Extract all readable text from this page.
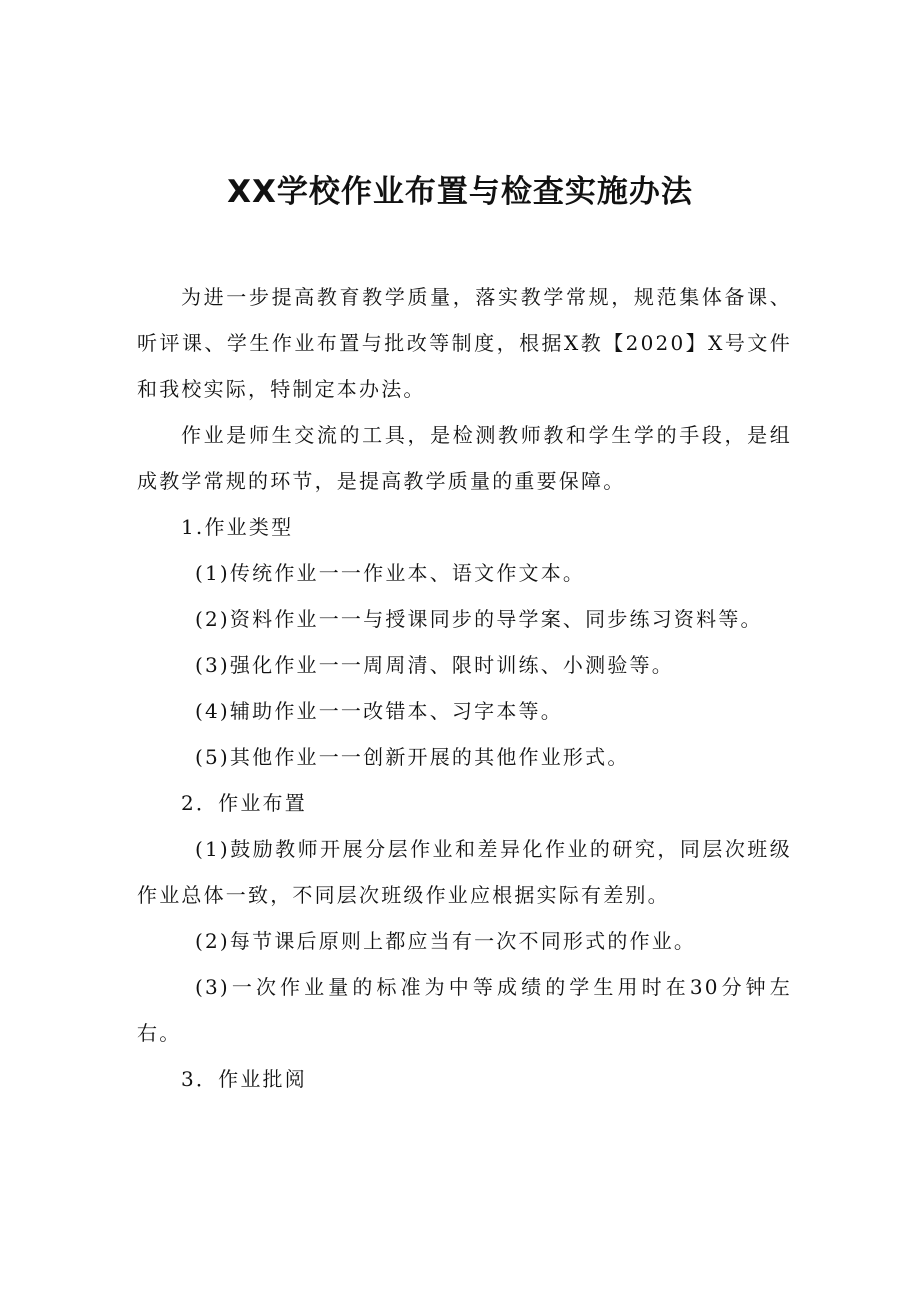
XX学校作业布置与检查实施办法

为进一步提高教育教学质量，落实教学常规，规范集体备课、听评课、学生作业布置与批改等制度，根据X教【2020】X号文件和我校实际，特制定本办法。

作业是师生交流的工具，是检测教师教和学生学的手段，是组成教学常规的环节，是提高教学质量的重要保障。

1.作业类型

(1)传统作业一一作业本、语文作文本。

(2)资料作业一一与授课同步的导学案、同步练习资料等。

(3)强化作业一一周周清、限时训练、小测验等。

(4)辅助作业一一改错本、习字本等。

(5)其他作业一一创新开展的其他作业形式。

2．作业布置

(1)鼓励教师开展分层作业和差异化作业的研究，同层次班级作业总体一致，不同层次班级作业应根据实际有差别。

(2)每节课后原则上都应当有一次不同形式的作业。

(3)一次作业量的标准为中等成绩的学生用时在30分钟左右。

3．作业批阅
